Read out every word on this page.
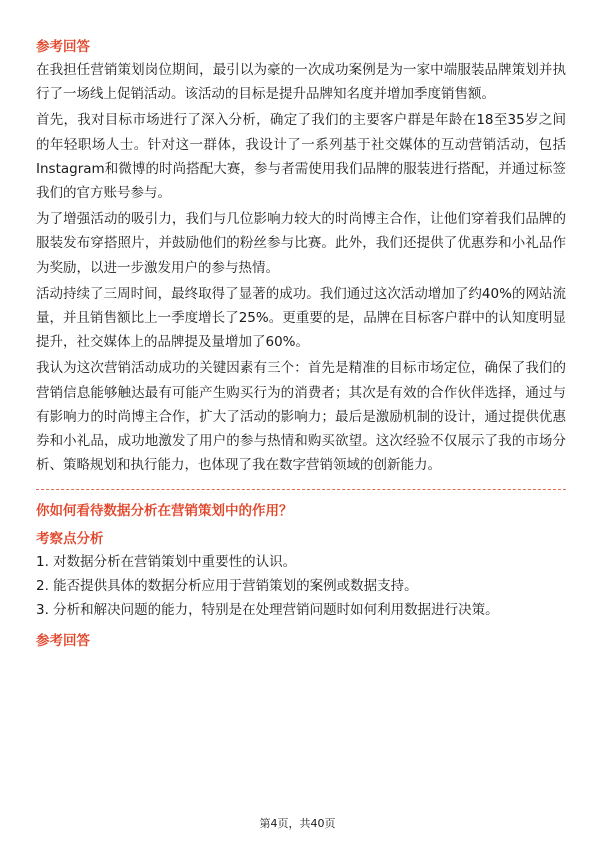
参考回答

在我担任营销策划岗位期间，最引以为豪的一次成功案例是为一家中端服装品牌策划并执行了一场线上促销活动。该活动的目标是提升品牌知名度并增加季度销售额。

首先，我对目标市场进行了深入分析，确定了我们的主要客户群是年龄在18至35岁之间的年轻职场人士。针对这一群体，我设计了一系列基于社交媒体的互动营销活动，包括Instagram和微博的时尚搭配大赛，参与者需使用我们品牌的服装进行搭配，并通过标签我们的官方账号参与。

为了增强活动的吸引力，我们与几位影响力较大的时尚博主合作，让他们穿着我们品牌的服装发布穿搭照片，并鼓励他们的粉丝参与比赛。此外，我们还提供了优惠券和小礼品作为奖励，以进一步激发用户的参与热情。

活动持续了三周时间，最终取得了显著的成功。我们通过这次活动增加了约40%的网站流量，并且销售额比上一季度增长了25%。更重要的是，品牌在目标客户群中的认知度明显提升，社交媒体上的品牌提及量增加了60%。

我认为这次营销活动成功的关键因素有三个：首先是精准的目标市场定位，确保了我们的营销信息能够触达最有可能产生购买行为的消费者；其次是有效的合作伙伴选择，通过与有影响力的时尚博主合作，扩大了活动的影响力；最后是激励机制的设计，通过提供优惠券和小礼品，成功地激发了用户的参与热情和购买欲望。这次经验不仅展示了我的市场分析、策略规划和执行能力，也体现了我在数字营销领域的创新能力。

你如何看待数据分析在营销策划中的作用？

考察点分析

1. 对数据分析在营销策划中重要性的认识。

2. 能否提供具体的数据分析应用于营销策划的案例或数据支持。

3. 分析和解决问题的能力，特别是在处理营销问题时如何利用数据进行决策。

参考回答

第4页，共40页
